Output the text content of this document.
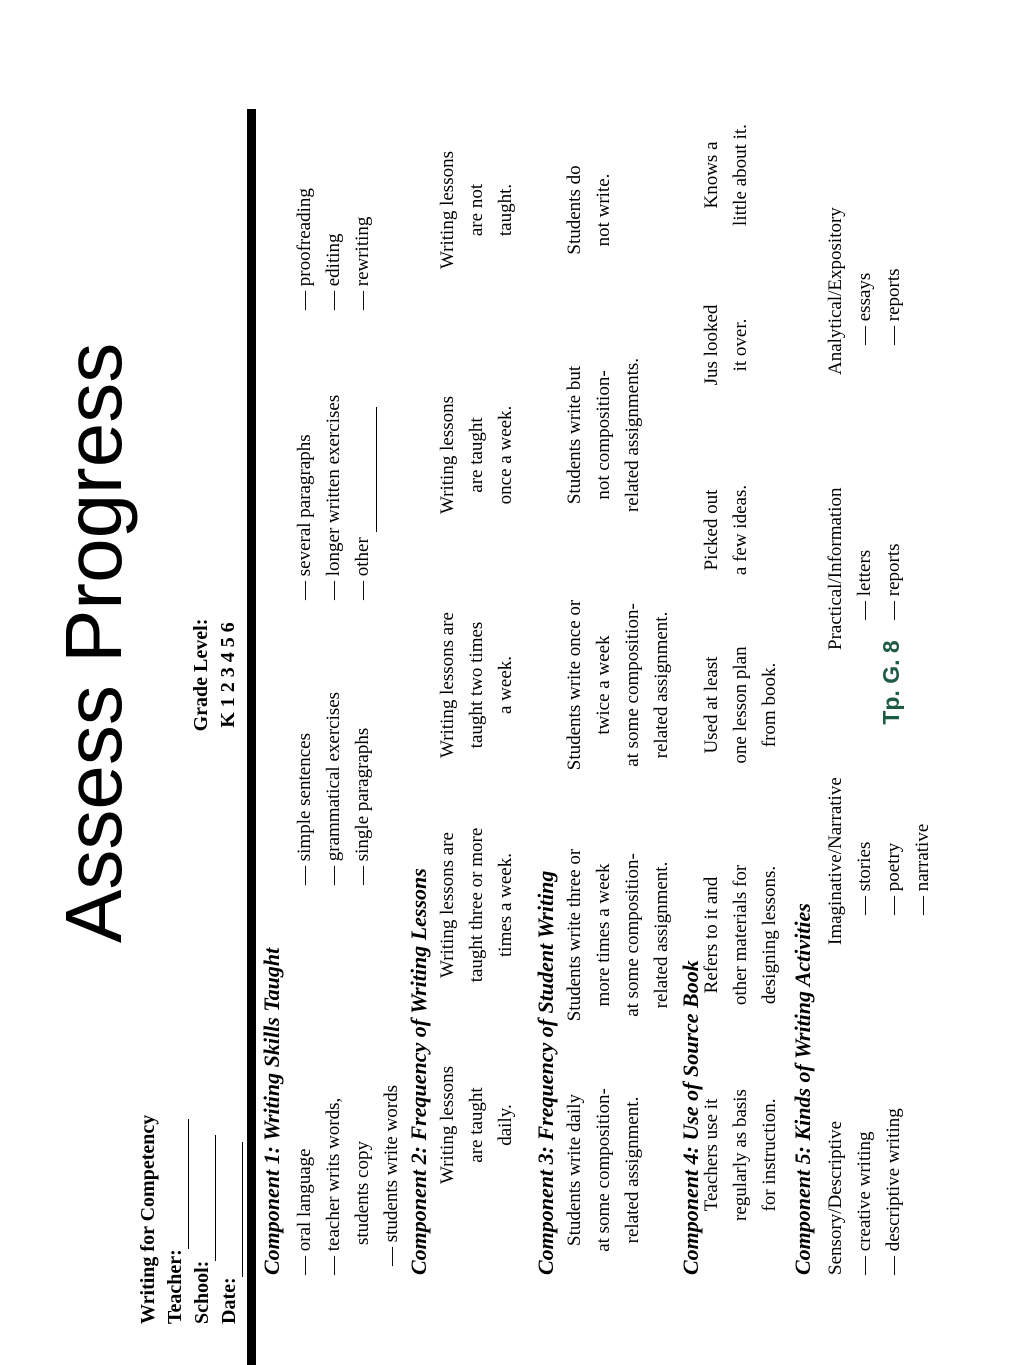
Assess Progress
Writing for Competency Teacher: School: Date:
Grade Level: K 1 2 3 4 5 6
Component 1: Writing Skills Taught — oral language — teacher writs words, students copy — students write words
— simple sentences — grammatical exercises — single paragraphs
— several paragraphs — longer written exercises — other
— proofreading — editing — rewriting
Component 2: Frequency of Writing Lessons Writing lessons are taught daily.
Writing lessons are taught three or more times a week.
Writing lessons are taught two times a week.
Writing lessons are taught once a week.
Writing lessons are not taught.
Component 3: Frequency of Student Writing Students write daily at some composition- related assignment.
Students write three or more times a week at some composition- related assignment.
Students write once or twice a week at some composition- related assignment.
Students write but not composition- related assignments.
Students do not write.
Component 4: Use of Source Book
Teachers use it regularly as basis for instruction.
Refers to it and other materials for designing lessons.
Used at least one lesson plan from book.
Picked out a few ideas.
Jus looked it over.
Knows a little about it.
Component 5: Kinds of Writing Activities Sensory/Descriptive — creative writing — descriptive writing
Imaginative/Narrative — stories — poetry — narrative
Practical/Information — letters — reports
Analytical/Expository — essays — reports
Tp. G. 8
